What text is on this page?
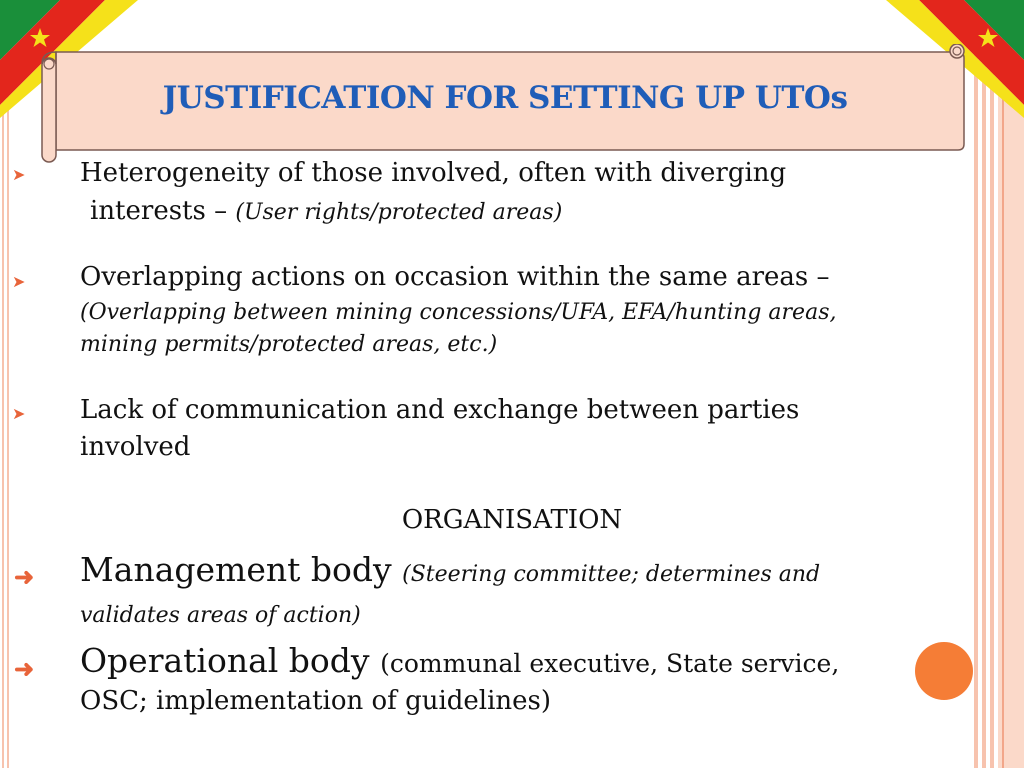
JUSTIFICATION FOR SETTING UP UTOs
➤ Heterogeneity of those involved, often with diverging
interests – (User rights/protected areas)
➤ Overlapping actions on occasion within the same areas –
(Overlapping between mining concessions/UFA, EFA/hunting areas,
mining permits/protected areas, etc.)
➤ Lack of communication and exchange between parties
involved
ORGANISATION
➜ Management body (Steering committee; determines and
validates areas of action)
➜ Operational body (communal executive, State service,
OSC; implementation of guidelines)
